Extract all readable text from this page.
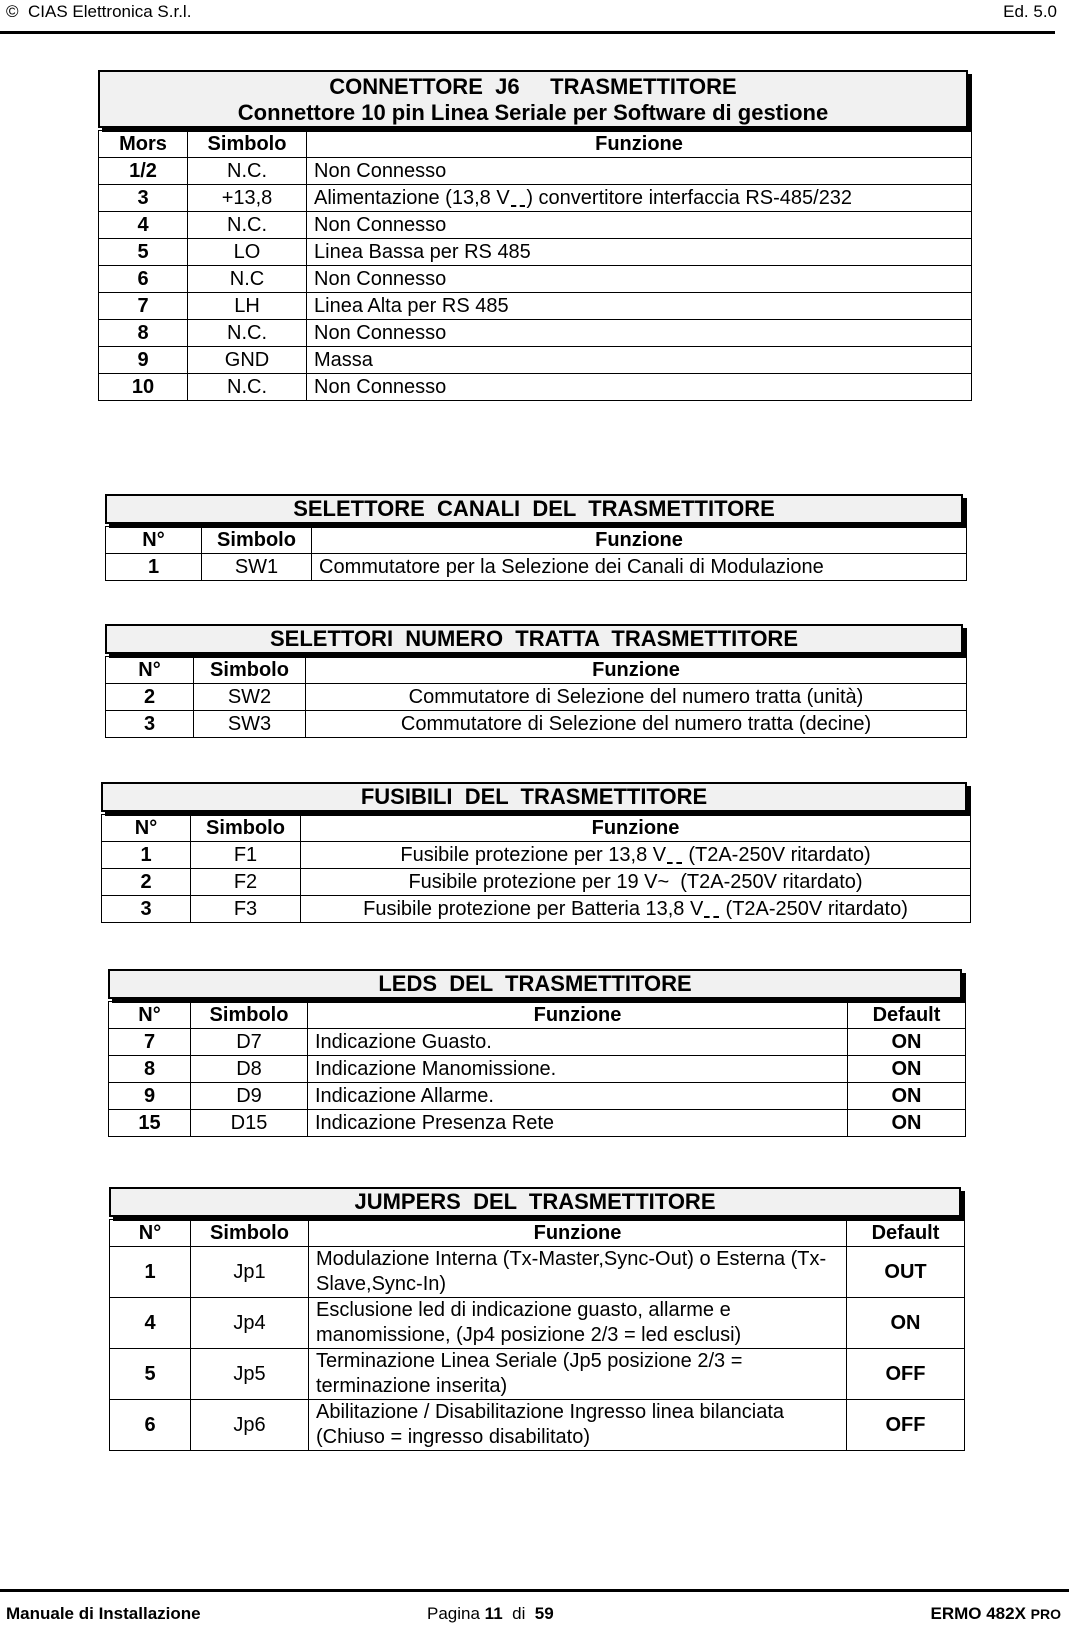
© CIAS Elettronica S.r.l.	Ed. 5.0
CONNETTORE  J6     TRASMETTITORE
Connettore 10 pin Linea Seriale per Software di gestione
Mors	Simbolo	Funzione
1/2	N.C.	Non Connesso
3	+13,8	Alimentazione (13,8 V ) convertitore interfaccia RS-485/232
4	N.C.	Non Connesso
5	LO	Linea Bassa per RS 485
6	N.C	Non Connesso
7	LH	Linea Alta per RS 485
8	N.C.	Non Connesso
9	GND	Massa
10	N.C.	Non Connesso
SELETTORE  CANALI  DEL  TRASMETTITORE
N°	Simbolo	Funzione
1	SW1	Commutatore per la Selezione dei Canali di Modulazione
SELETTORI  NUMERO  TRATTA  TRASMETTITORE
N°	Simbolo	Funzione
2	SW2	Commutatore di Selezione del numero tratta (unità)
3	SW3	Commutatore di Selezione del numero tratta (decine)
FUSIBILI  DEL  TRASMETTITORE
N°	Simbolo	Funzione
1	F1	Fusibile protezione per 13,8 V    (T2A-250V ritardato)
2	F2	Fusibile protezione per 19 V~  (T2A-250V ritardato)
3	F3	Fusibile protezione per Batteria 13,8 V    (T2A-250V ritardato)
LEDS  DEL  TRASMETTITORE
N°	Simbolo	Funzione	Default
7	D7	Indicazione Guasto.	ON
8	D8	Indicazione Manomissione.	ON
9	D9	Indicazione Allarme.	ON
15	D15	Indicazione Presenza Rete	ON
JUMPERS  DEL  TRASMETTITORE
N°	Simbolo	Funzione	Default
1	Jp1	Modulazione Interna (Tx-Master,Sync-Out) o Esterna (Tx-Slave,Sync-In)	OUT
4	Jp4	Esclusione led di indicazione guasto, allarme e manomissione, (Jp4 posizione 2/3 = led esclusi)	ON
5	Jp5	Terminazione Linea Seriale (Jp5 posizione 2/3 = terminazione inserita)	OFF
6	Jp6	Abilitazione / Disabilitazione Ingresso linea bilanciata (Chiuso = ingresso disabilitato)	OFF
Manuale di Installazione	Pagina 11 di 59	ERMO 482X PRO
